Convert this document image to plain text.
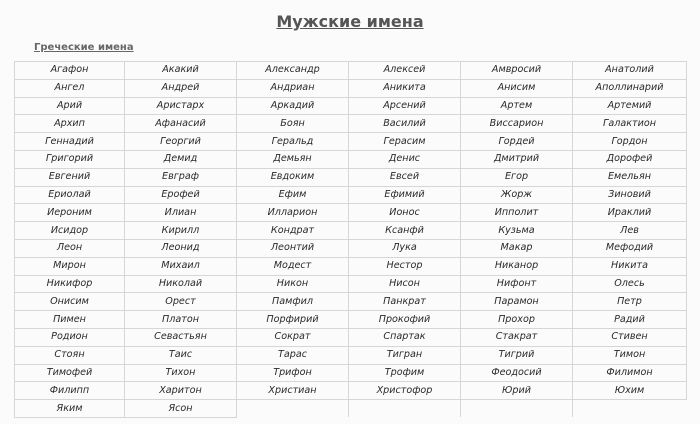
Мужские имена
Греческие имена
Агафон	Акакий	Александр	Алексей	Амвросий	Анатолий
Ангел	Андрей	Андриан	Аникита	Анисим	Аполлинарий
Арий	Аристарх	Аркадий	Арсений	Артем	Артемий
Архип	Афанасий	Боян	Василий	Виссарион	Галактион
Геннадий	Георгий	Геральд	Герасим	Гордей	Гордон
Григорий	Демид	Демьян	Денис	Дмитрий	Дорофей
Евгений	Евграф	Евдоким	Евсей	Егор	Емельян
Ериолай	Ерофей	Ефим	Ефимий	Жорж	Зиновий
Иероним	Илиан	Илларион	Ионос	Ипполит	Ираклий
Исидор	Кирилл	Кондрат	Ксанфй	Кузьма	Лев
Леон	Леонид	Леонтий	Лука	Макар	Мефодий
Мирон	Михаил	Модест	Нестор	Никанор	Никита
Никифор	Николай	Никон	Нисон	Нифонт	Олесь
Онисим	Орест	Памфил	Панкрат	Парамон	Петр
Пимен	Платон	Порфирий	Прокофий	Прохор	Радий
Родион	Севастьян	Сократ	Спартак	Стакрат	Стивен
Стоян	Таис	Тарас	Тигран	Тигрий	Тимон
Тимофей	Тихон	Трифон	Трофим	Феодосий	Филимон
Филипп	Харитон	Христиан	Христофор	Юрий	Юхим
Яким	Ясон				
